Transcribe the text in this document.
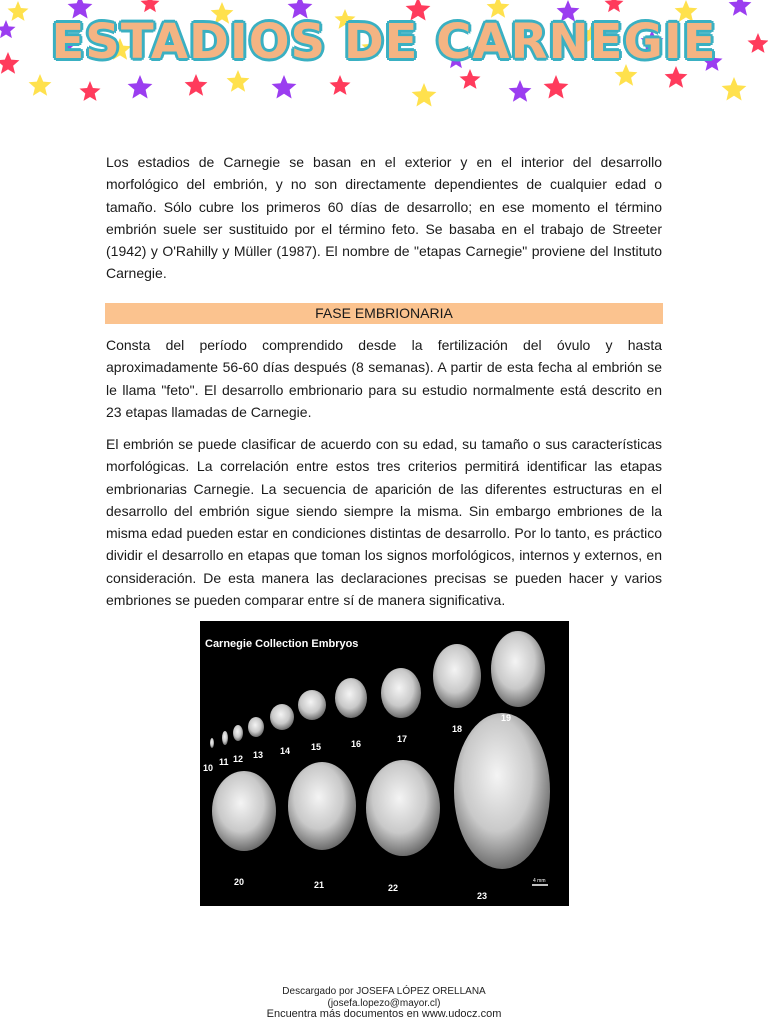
ESTADIOS DE CARNEGIE

Los estadios de Carnegie se basan en el exterior y en el interior del desarrollo morfológico del embrión, y no son directamente dependientes de cualquier edad o tamaño. Sólo cubre los primeros 60 días de desarrollo; en ese momento el término embrión suele ser sustituido por el término feto. Se basaba en el trabajo de Streeter (1942) y O'Rahilly y Müller (1987). El nombre de "etapas Carnegie" proviene del Instituto Carnegie.

FASE EMBRIONARIA

Consta del período comprendido desde la fertilización del óvulo y hasta aproximadamente 56-60 días después (8 semanas). A partir de esta fecha al embrión se le llama "feto". El desarrollo embrionario para su estudio normalmente está descrito en 23 etapas llamadas de Carnegie.

El embrión se puede clasificar de acuerdo con su edad, su tamaño o sus características morfológicas. La correlación entre estos tres criterios permitirá identificar las etapas embrionarias Carnegie. La secuencia de aparición de las diferentes estructuras en el desarrollo del embrión sigue siendo siempre la misma. Sin embargo embriones de la misma edad pueden estar en condiciones distintas de desarrollo. Por lo tanto, es práctico dividir el desarrollo en etapas que toman los signos morfológicos, internos y externos, en consideración. De esta manera las declaraciones precisas se pueden hacer y varios embriones se pueden comparar entre sí de manera significativa.

Carnegie Collection Embryos
10
11 12 13 14 15	16	17
18
19
20	21	22
23
4 mm
Descargado por JOSEFA LÓPEZ ORELLANA
(josefa.lopezo@mayor.cl)
Encuentra más documentos en www.udocz.com
